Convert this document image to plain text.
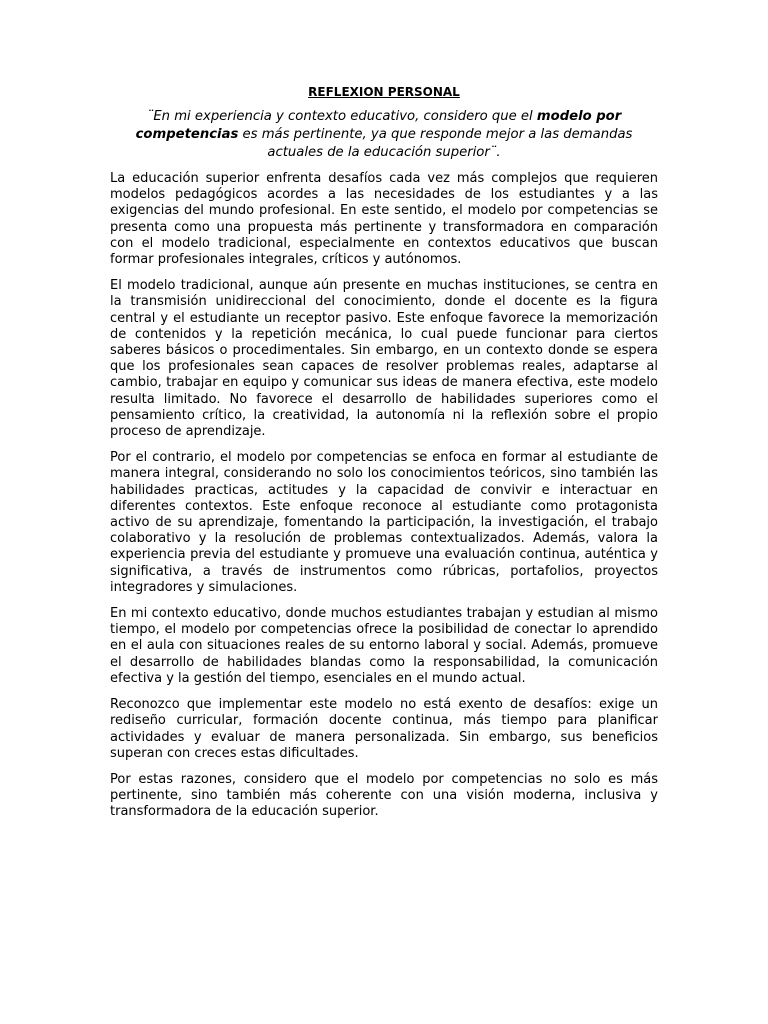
REFLEXION PERSONAL
¨En mi experiencia y contexto educativo, considero que el modelo por competencias es más pertinente, ya que responde mejor a las demandas actuales de la educación superior¨.

La educación superior enfrenta desafíos cada vez más complejos que requieren modelos pedagógicos acordes a las necesidades de los estudiantes y a las exigencias del mundo profesional. En este sentido, el modelo por competencias se presenta como una propuesta más pertinente y transformadora en comparación con el modelo tradicional, especialmente en contextos educativos que buscan formar profesionales integrales, críticos y autónomos.

El modelo tradicional, aunque aún presente en muchas instituciones, se centra en la transmisión unidireccional del conocimiento, donde el docente es la figura central y el estudiante un receptor pasivo. Este enfoque favorece la memorización de contenidos y la repetición mecánica, lo cual puede funcionar para ciertos saberes básicos o procedimentales. Sin embargo, en un contexto donde se espera que los profesionales sean capaces de resolver problemas reales, adaptarse al cambio, trabajar en equipo y comunicar sus ideas de manera efectiva, este modelo resulta limitado. No favorece el desarrollo de habilidades superiores como el pensamiento crítico, la creatividad, la autonomía ni la reflexión sobre el propio proceso de aprendizaje.

Por el contrario, el modelo por competencias se enfoca en formar al estudiante de manera integral, considerando no solo los conocimientos teóricos, sino también las habilidades practicas, actitudes y la capacidad de convivir e interactuar en diferentes contextos. Este enfoque reconoce al estudiante como protagonista activo de su aprendizaje, fomentando la participación, la investigación, el trabajo colaborativo y la resolución de problemas contextualizados. Además, valora la experiencia previa del estudiante y promueve una evaluación continua, auténtica y significativa, a través de instrumentos como rúbricas, portafolios, proyectos integradores y simulaciones.

En mi contexto educativo, donde muchos estudiantes trabajan y estudian al mismo tiempo, el modelo por competencias ofrece la posibilidad de conectar lo aprendido en el aula con situaciones reales de su entorno laboral y social. Además, promueve el desarrollo de habilidades blandas como la responsabilidad, la comunicación efectiva y la gestión del tiempo, esenciales en el mundo actual.

Reconozco que implementar este modelo no está exento de desafíos: exige un rediseño curricular, formación docente continua, más tiempo para planificar actividades y evaluar de manera personalizada. Sin embargo, sus beneficios superan con creces estas dificultades.

Por estas razones, considero que el modelo por competencias no solo es más pertinente, sino también más coherente con una visión moderna, inclusiva y transformadora de la educación superior.
